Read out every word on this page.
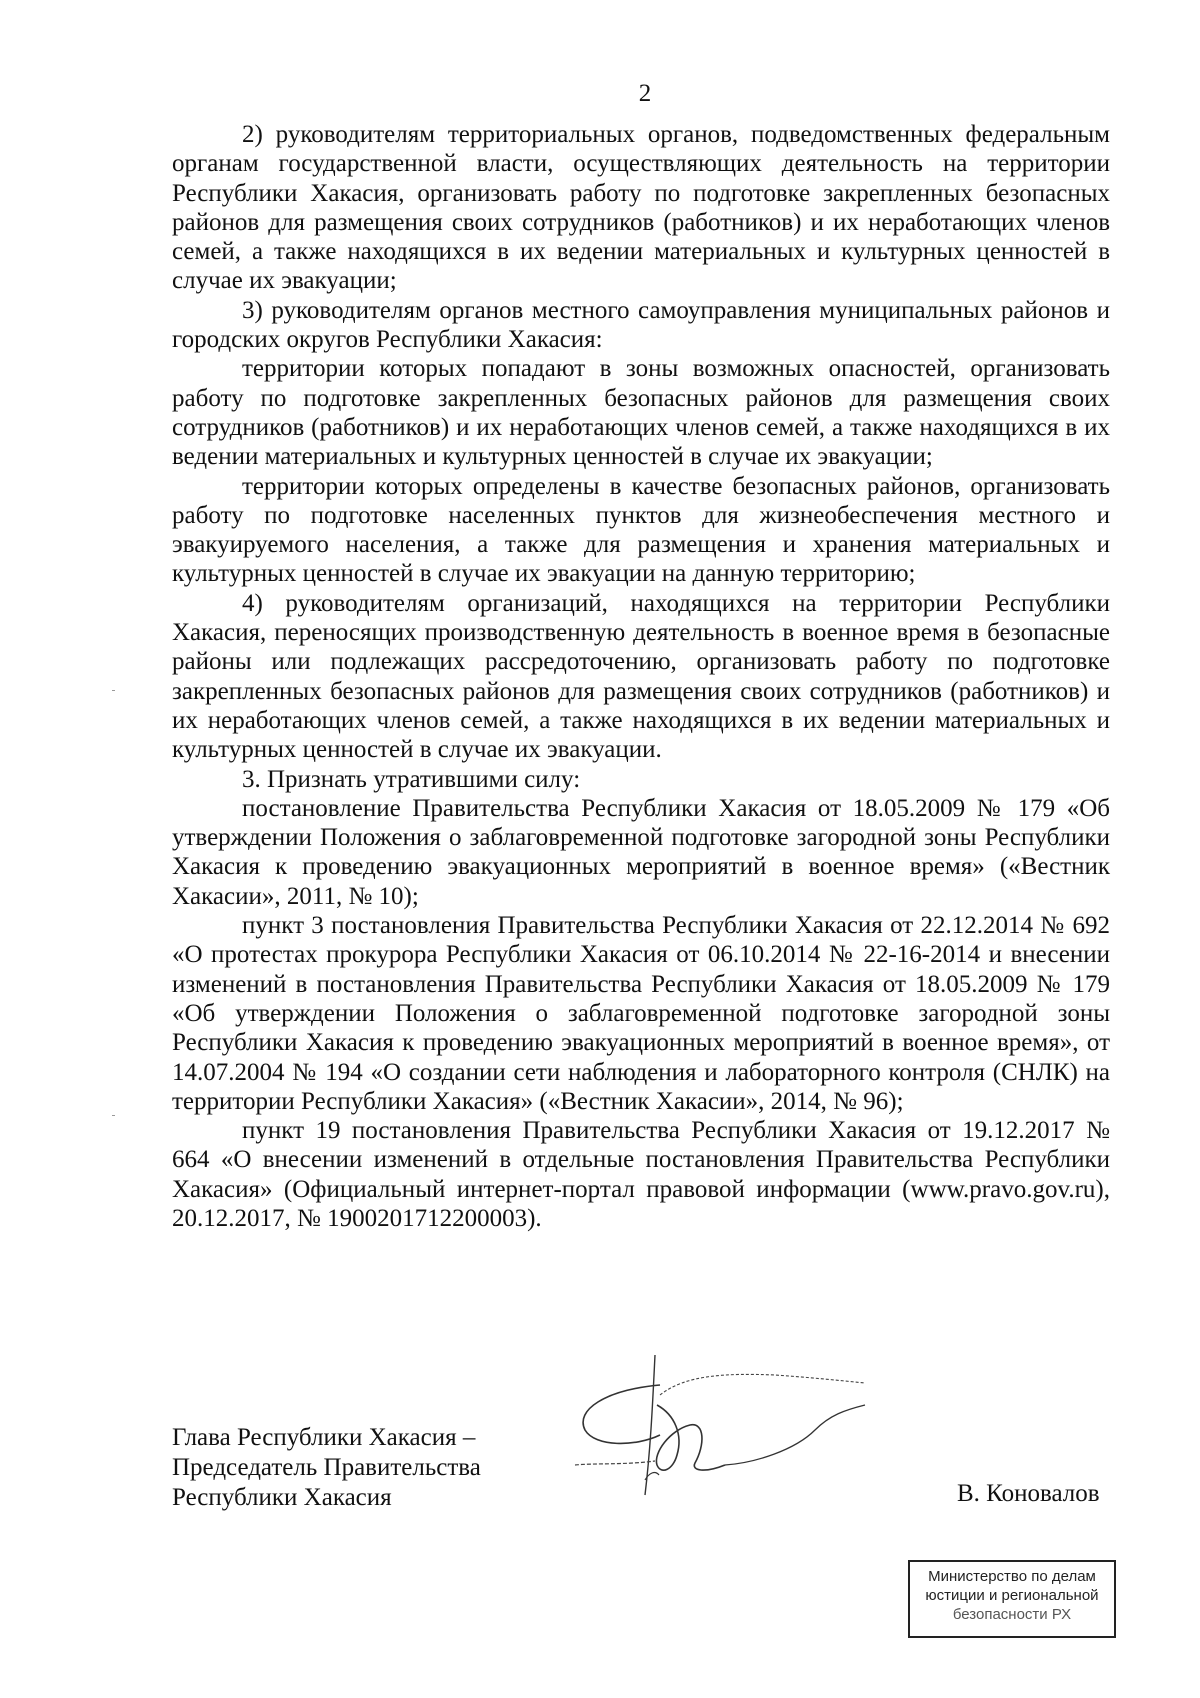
2

2) руководителям территориальных органов, подведомственных федеральным органам государственной власти, осуществляющих деятельность на территории Республики Хакасия, организовать работу по подготовке закрепленных безопасных районов для размещения своих сотрудников (работников) и их неработающих членов семей, а также находящихся в их ведении материальных и культурных ценностей в случае их эвакуации;

3) руководителям органов местного самоуправления муниципальных районов и городских округов Республики Хакасия:

территории которых попадают в зоны возможных опасностей, организовать работу по подготовке закрепленных безопасных районов для размещения своих сотрудников (работников) и их неработающих членов семей, а также находящихся в их ведении материальных и культурных ценностей в случае их эвакуации;

территории которых определены в качестве безопасных районов, организовать работу по подготовке населенных пунктов для жизнеобеспечения местного и эвакуируемого населения, а также для размещения и хранения материальных и культурных ценностей в случае их эвакуации на данную территорию;

4) руководителям организаций, находящихся на территории Республики Хакасия, переносящих производственную деятельность в военное время в безопасные районы или подлежащих рассредоточению, организовать работу по подготовке закрепленных безопасных районов для размещения своих сотрудников (работников) и их неработающих членов семей, а также находящихся в их ведении материальных и культурных ценностей в случае их эвакуации.

3. Признать утратившими силу:

постановление Правительства Республики Хакасия от 18.05.2009 № 179 «Об утверждении Положения о заблаговременной подготовке загородной зоны Республики Хакасия к проведению эвакуационных мероприятий в военное время» («Вестник Хакасии», 2011, № 10);

пункт 3 постановления Правительства Республики Хакасия от 22.12.2014 № 692 «О протестах прокурора Республики Хакасия от 06.10.2014 № 22-16-2014 и внесении изменений в постановления Правительства Республики Хакасия от 18.05.2009 № 179 «Об утверждении Положения о заблаговременной подготовке загородной зоны Республики Хакасия к проведению эвакуационных мероприятий в военное время», от 14.07.2004 № 194 «О создании сети наблюдения и лабораторного контроля (СНЛК) на территории Республики Хакасия» («Вестник Хакасии», 2014, № 96);

пункт 19 постановления Правительства Республики Хакасия от 19.12.2017 № 664 «О внесении изменений в отдельные постановления Правительства Республики Хакасия» (Официальный интернет-портал правовой информации (www.pravo.gov.ru), 20.12.2017, № 1900201712200003).

Глава Республики Хакасия –
Председатель Правительства
Республики Хакасия	В. Коновалов
Министерство по делам
юстиции и региональной
безопасности РХ
